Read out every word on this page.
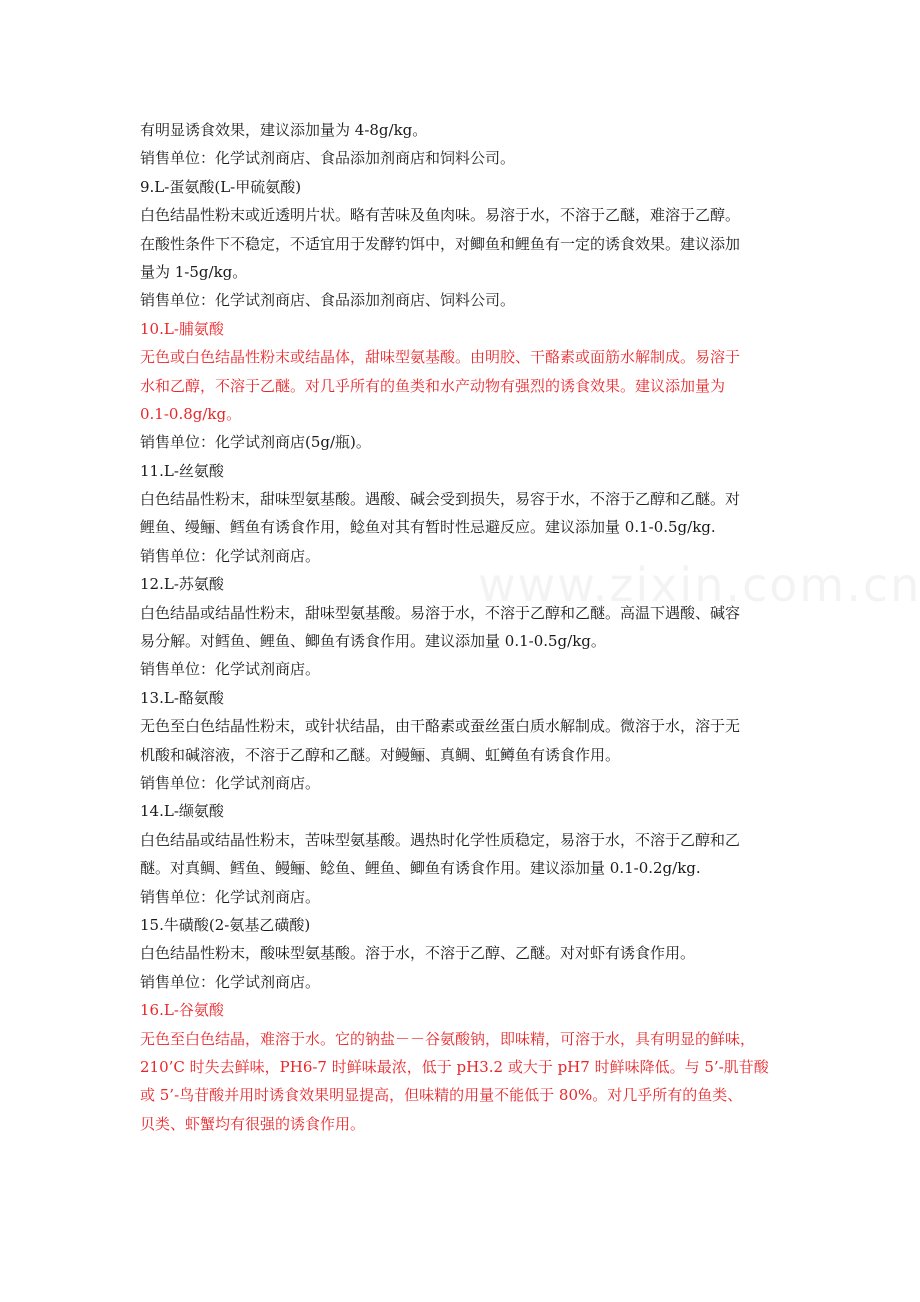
有明显诱食效果，建议添加量为 4-8g/kg。
销售单位：化学试剂商店、食品添加剂商店和饲料公司。
9.L-蛋氨酸(L-甲硫氨酸)
白色结晶性粉末或近透明片状。略有苦味及鱼肉味。易溶于水，不溶于乙醚，难溶于乙醇。
在酸性条件下不稳定，不适宜用于发酵钓饵中，对鲫鱼和鲤鱼有一定的诱食效果。建议添加
量为 1-5g/kg。
销售单位：化学试剂商店、食品添加剂商店、饲料公司。
10.L-脯氨酸
无色或白色结晶性粉末或结晶体，甜味型氨基酸。由明胶、干酪素或面筋水解制成。易溶于
水和乙醇，不溶于乙醚。对几乎所有的鱼类和水产动物有强烈的诱食效果。建议添加量为
0.1-0.8g/kg。
销售单位：化学试剂商店(5g/瓶)。
11.L-丝氨酸
白色结晶性粉末，甜味型氨基酸。遇酸、碱会受到损失，易容于水，不溶于乙醇和乙醚。对
鲤鱼、缦鲡、鳕鱼有诱食作用，鲶鱼对其有暂时性忌避反应。建议添加量 0.1-0.5g/kg.
销售单位：化学试剂商店。
12.L-苏氨酸
白色结晶或结晶性粉末，甜味型氨基酸。易溶于水，不溶于乙醇和乙醚。高温下遇酸、碱容
易分解。对鳕鱼、鲤鱼、鲫鱼有诱食作用。建议添加量 0.1-0.5g/kg。
销售单位：化学试剂商店。
13.L-酪氨酸
无色至白色结晶性粉末，或针状结晶，由干酪素或蚕丝蛋白质水解制成。微溶于水，溶于无
机酸和碱溶液，不溶于乙醇和乙醚。对鳗鲡、真鲷、虹鳟鱼有诱食作用。
销售单位：化学试剂商店。
14.L-缬氨酸
白色结晶或结晶性粉末，苦味型氨基酸。遇热时化学性质稳定，易溶于水，不溶于乙醇和乙
醚。对真鲷、鳕鱼、鳗鲡、鲶鱼、鲤鱼、鲫鱼有诱食作用。建议添加量 0.1-0.2g/kg.
销售单位：化学试剂商店。
15.牛磺酸(2-氨基乙磺酸)
白色结晶性粉末，酸味型氨基酸。溶于水，不溶于乙醇、乙醚。对对虾有诱食作用。
销售单位：化学试剂商店。
16.L-谷氨酸
无色至白色结晶，难溶于水。它的钠盐－－谷氨酸钠，即味精，可溶于水，具有明显的鲜味，
210’C 时失去鲜味，PH6-7 时鲜味最浓，低于 pH3.2 或大于 pH7 时鲜味降低。与 5’-肌苷酸
或 5’-鸟苷酸并用时诱食效果明显提高，但味精的用量不能低于 80%。对几乎所有的鱼类、
贝类、虾蟹均有很强的诱食作用。
